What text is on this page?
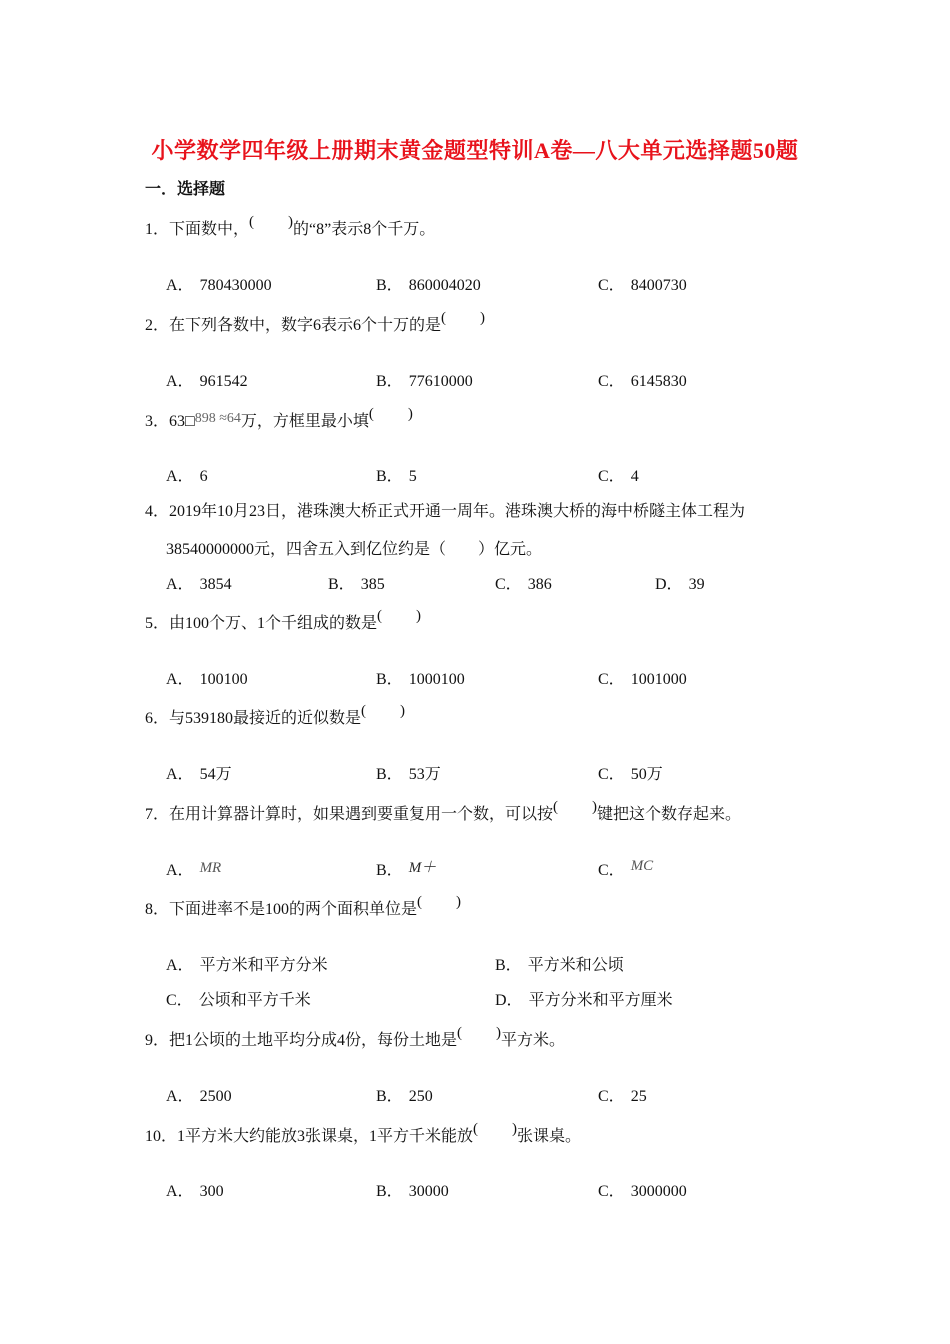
小学数学四年级上册期末黄金题型特训A卷—八大单元选择题50题
一．选择题
1．下面数中，( )的“8”表示8个千万。
A． 780430000	B． 860004020	C． 8400730
2．在下列各数中，数字6表示6个十万的是( )
A． 961542	B． 77610000	C． 6145830
3．63□898 ≈64万，方框里最小填( )
A． 6	B． 5	C． 4
4．2019年10月23日，港珠澳大桥正式开通一周年。港珠澳大桥的海中桥隧主体工程为
38540000000元，四舍五入到亿位约是（　　）亿元。
A． 3854	B． 385	C． 386	D． 39
5．由100个万、1个千组成的数是( )
A． 100100	B． 1000100	C． 1001000
6．与539180最接近的近似数是( )
A． 54万	B． 53万	C． 50万
7．在用计算器计算时，如果遇到要重复用一个数，可以按( )键把这个数存起来。
A． MR	B． M＋	C． MC
8．下面进率不是100的两个面积单位是( )
A． 平方米和平方分米	B． 平方米和公顷
C． 公顷和平方千米	D． 平方分米和平方厘米
9．把1公顷的土地平均分成4份，每份土地是( )平方米。
A． 2500	B． 250	C． 25
10．1平方米大约能放3张课桌，1平方千米能放( )张课桌。
A． 300	B． 30000	C． 3000000
